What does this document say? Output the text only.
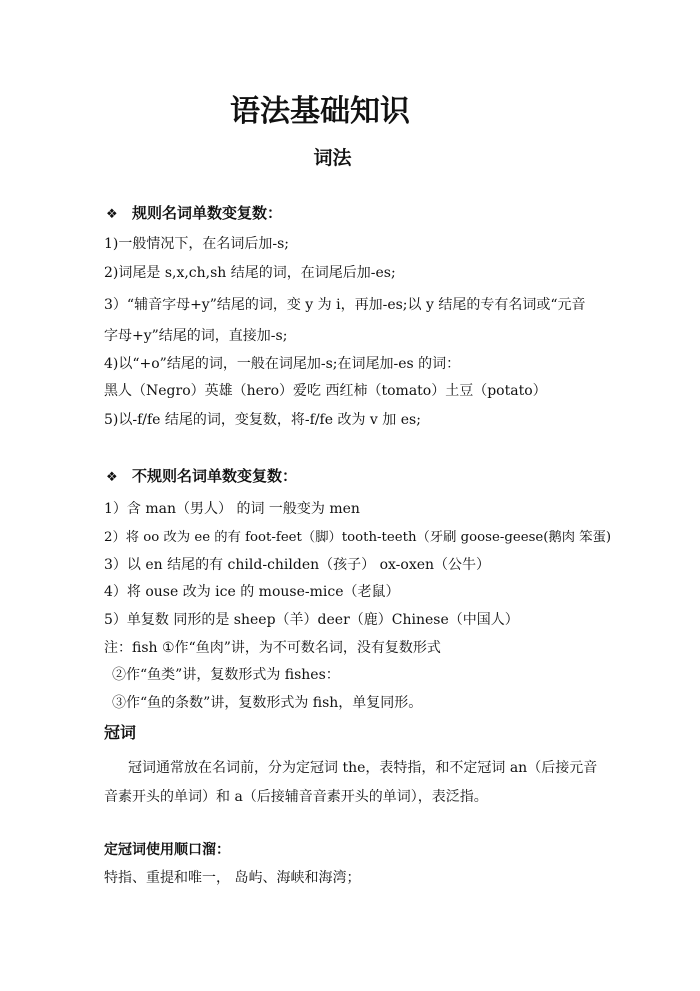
语法基础知识
词法
❖ 规则名词单数变复数：
1)一般情况下，在名词后加-s;
2)词尾是 s,x,ch,sh 结尾的词，在词尾后加-es;
3）“辅音字母+y”结尾的词，变 y 为 i，再加-es;以 y 结尾的专有名词或“元音
字母+y”结尾的词，直接加-s;
4)以“+o”结尾的词，一般在词尾加-s;在词尾加-es 的词：
黑人（Negro）英雄（hero）爱吃 西红柿（tomato）土豆（potato）
5)以-f/fe 结尾的词，变复数，将-f/fe 改为 v 加 es;
❖ 不规则名词单数变复数：
1）含 man（男人） 的词 一般变为 men
2）将 oo 改为 ee 的有 foot-feet（脚）tooth-teeth（牙刷 goose-geese(鹅肉 笨蛋)
3）以 en 结尾的有 child-childen（孩子） ox-oxen（公牛）
4）将 ouse 改为 ice 的 mouse-mice（老鼠）
5）单复数 同形的是 sheep（羊）deer（鹿）Chinese（中国人）
注：fish ①作“鱼肉”讲，为不可数名词，没有复数形式
②作“鱼类”讲，复数形式为 fishes：
③作“鱼的条数”讲，复数形式为 fish，单复同形。
冠词
冠词通常放在名词前，分为定冠词 the，表特指，和不定冠词 an（后接元音
音素开头的单词）和 a（后接辅音音素开头的单词），表泛指。
定冠词使用顺口溜：
特指、重提和唯一， 岛屿、海峡和海湾；
